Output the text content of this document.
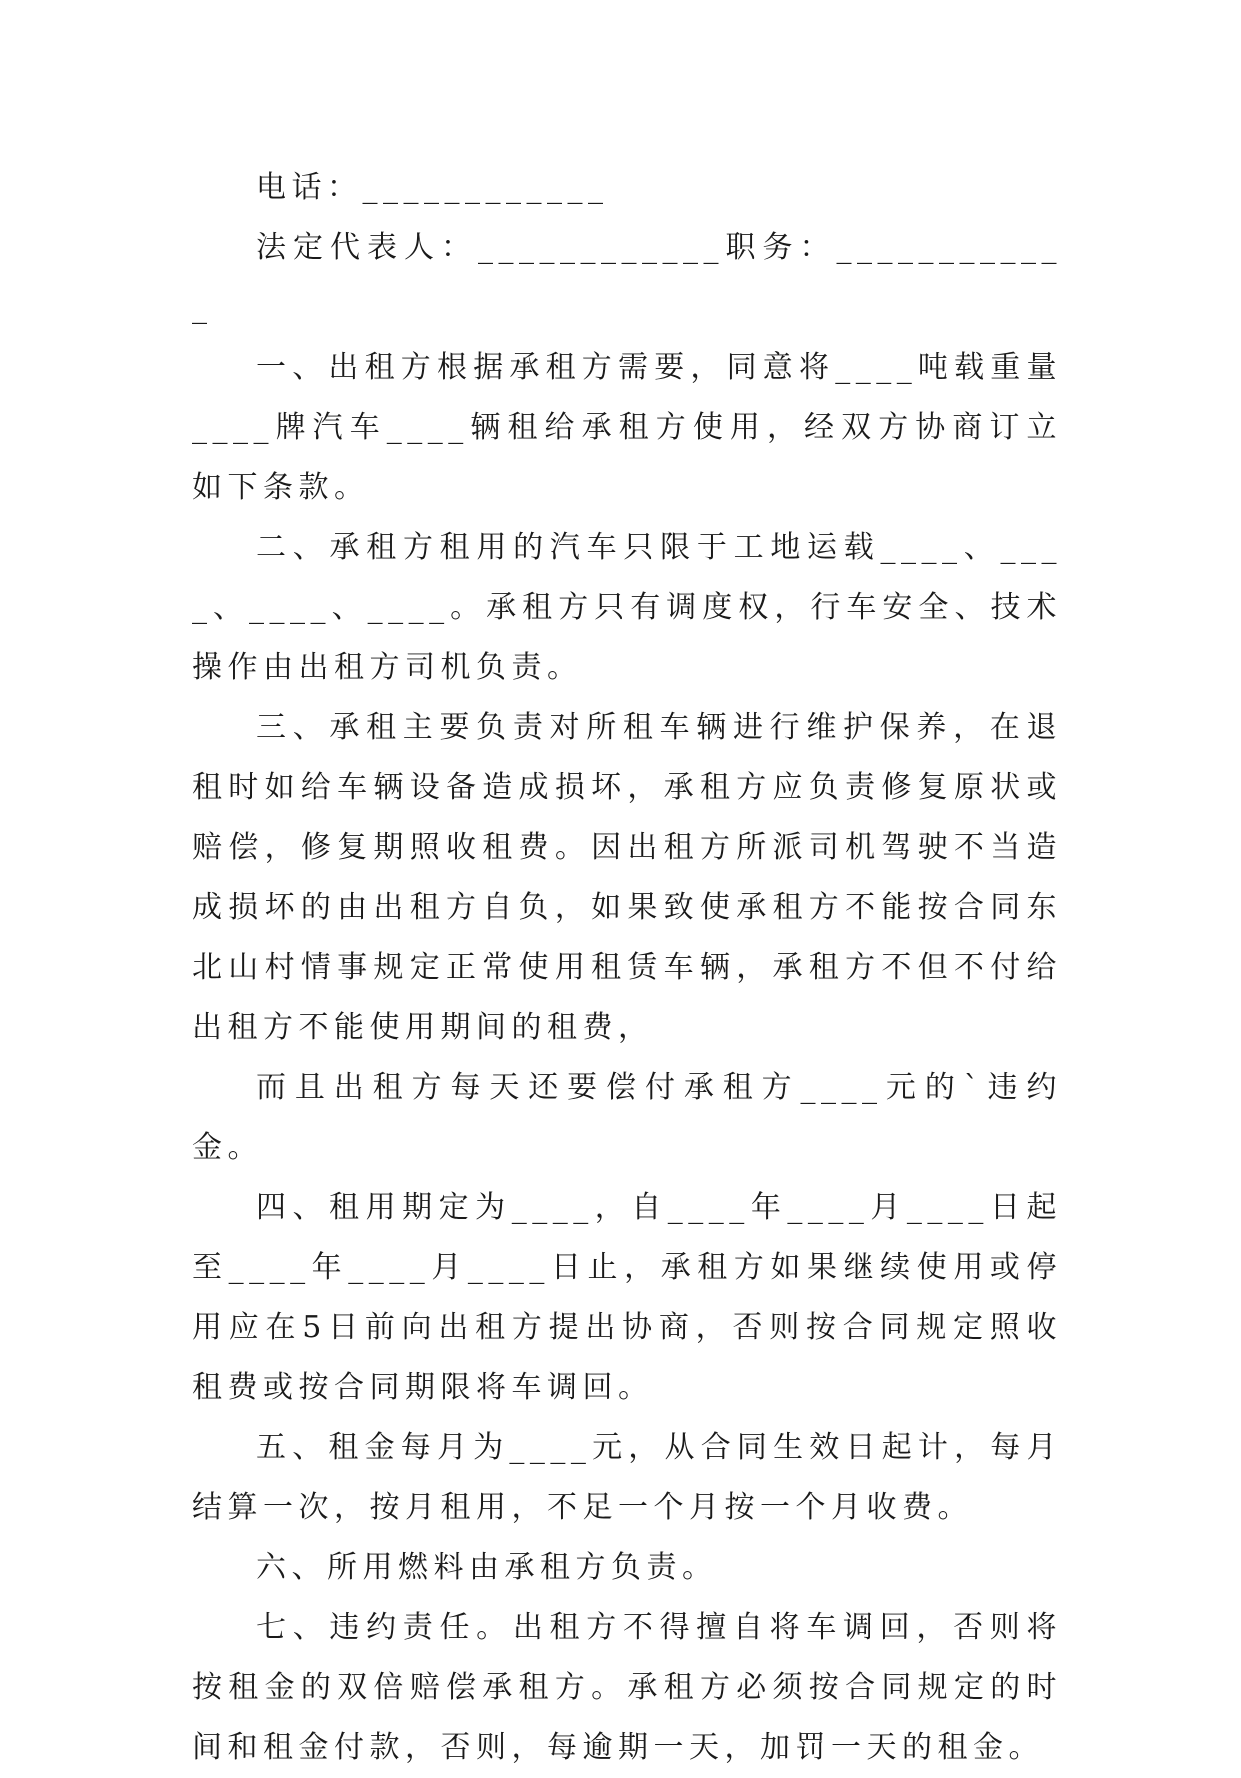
电话：____________

法定代表人：____________职务：____________

一、出租方根据承租方需要，同意将____吨载重量____牌汽车____辆租给承租方使用，经双方协商订立如下条款。

二、承租方租用的汽车只限于工地运载____、____、____、____。承租方只有调度权，行车安全、技术操作由出租方司机负责。

三、承租主要负责对所租车辆进行维护保养，在退租时如给车辆设备造成损坏，承租方应负责修复原状或赔偿，修复期照收租费。因出租方所派司机驾驶不当造成损坏的由出租方自负，如果致使承租方不能按合同东北山村情事规定正常使用租赁车辆，承租方不但不付给出租方不能使用期间的租费，

而且出租方每天还要偿付承租方____元的`违约金。

四、租用期定为____，自____年____月____日起至____年____月____日止，承租方如果继续使用或停用应在5日前向出租方提出协商，否则按合同规定照收租费或按合同期限将车调回。

五、租金每月为____元，从合同生效日起计，每月结算一次，按月租用，不足一个月按一个月收费。

六、所用燃料由承租方负责。

七、违约责任。出租方不得擅自将车调回，否则将按租金的双倍赔偿承租方。承租方必须按合同规定的时间和租金付款，否则，每逾期一天，加罚一天的租金。
